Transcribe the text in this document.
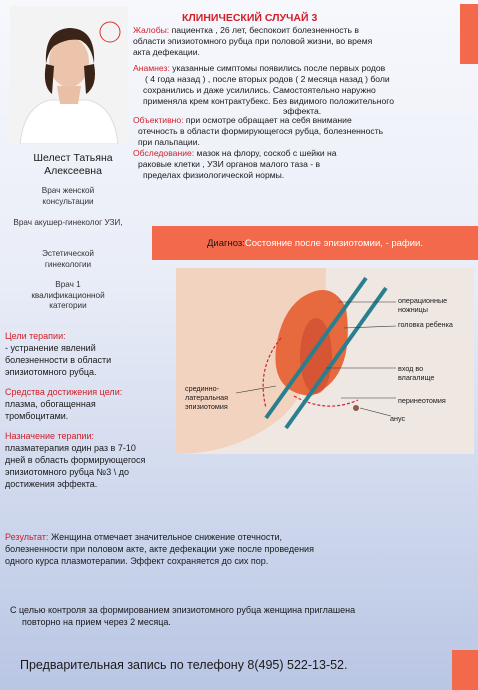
Шелест Татьяна
Алексеевна
Врач женской консультации
Врач акушер-гинеколог УЗИ,
Эстетической гинекологии
Врач 1 квалификационной категории
КЛИНИЧЕСКИЙ СЛУЧАЙ 3
Жалобы: пациентка , 26 лет, беспокоит болезненность в
области эпизиотомного рубца при половой жизни, во время
акта дефекации.
Анамнез: указанные симптомы появились после первых родов
( 4 года назад ) , после вторых родов ( 2 месяца назад ) боли
сохранились и даже усилились. Самостоятельно наружно
применяла крем контрактубекс. Без видимого положительного
эффекта.
Объективно: при осмотре обращает на себя внимание
отечность в области формирующегося рубца, болезненность
при пальпации.
Обследование: мазок на флору, соскоб с шейки на
раковые клетки , УЗИ органов малого таза - в
пределах физиологической нормы.
Диагноз: Состояние после эпизиотомии, - рафии.
операционные ножницы
головка ребенка
вход во влагалище
перинеотомия
анус
срединно-латеральная эпизиотомия
Цели терапии:
- устранение явлений
болезненности в области
эпизиотомного рубца.
Средства достижения цели:
плазма, обогащенная
тромбоцитами.
Назначение терапии:
плазматерапия один раз в 7-10
дней в область формирующегося
эпизиотомного рубца №3 \ до
достижения эффекта.
Результат: Женщина отмечает значительное снижение отечности,
болезненности при половом акте, акте дефекации уже после проведения
одного курса плазмотерапии. Эффект сохраняется до сих пор.
С целью контроля за формированием эпизиотомного рубца женщина приглашена
повторно на прием через 2 месяца.
Предварительная запись по телефону 8(495) 522-13-52.
